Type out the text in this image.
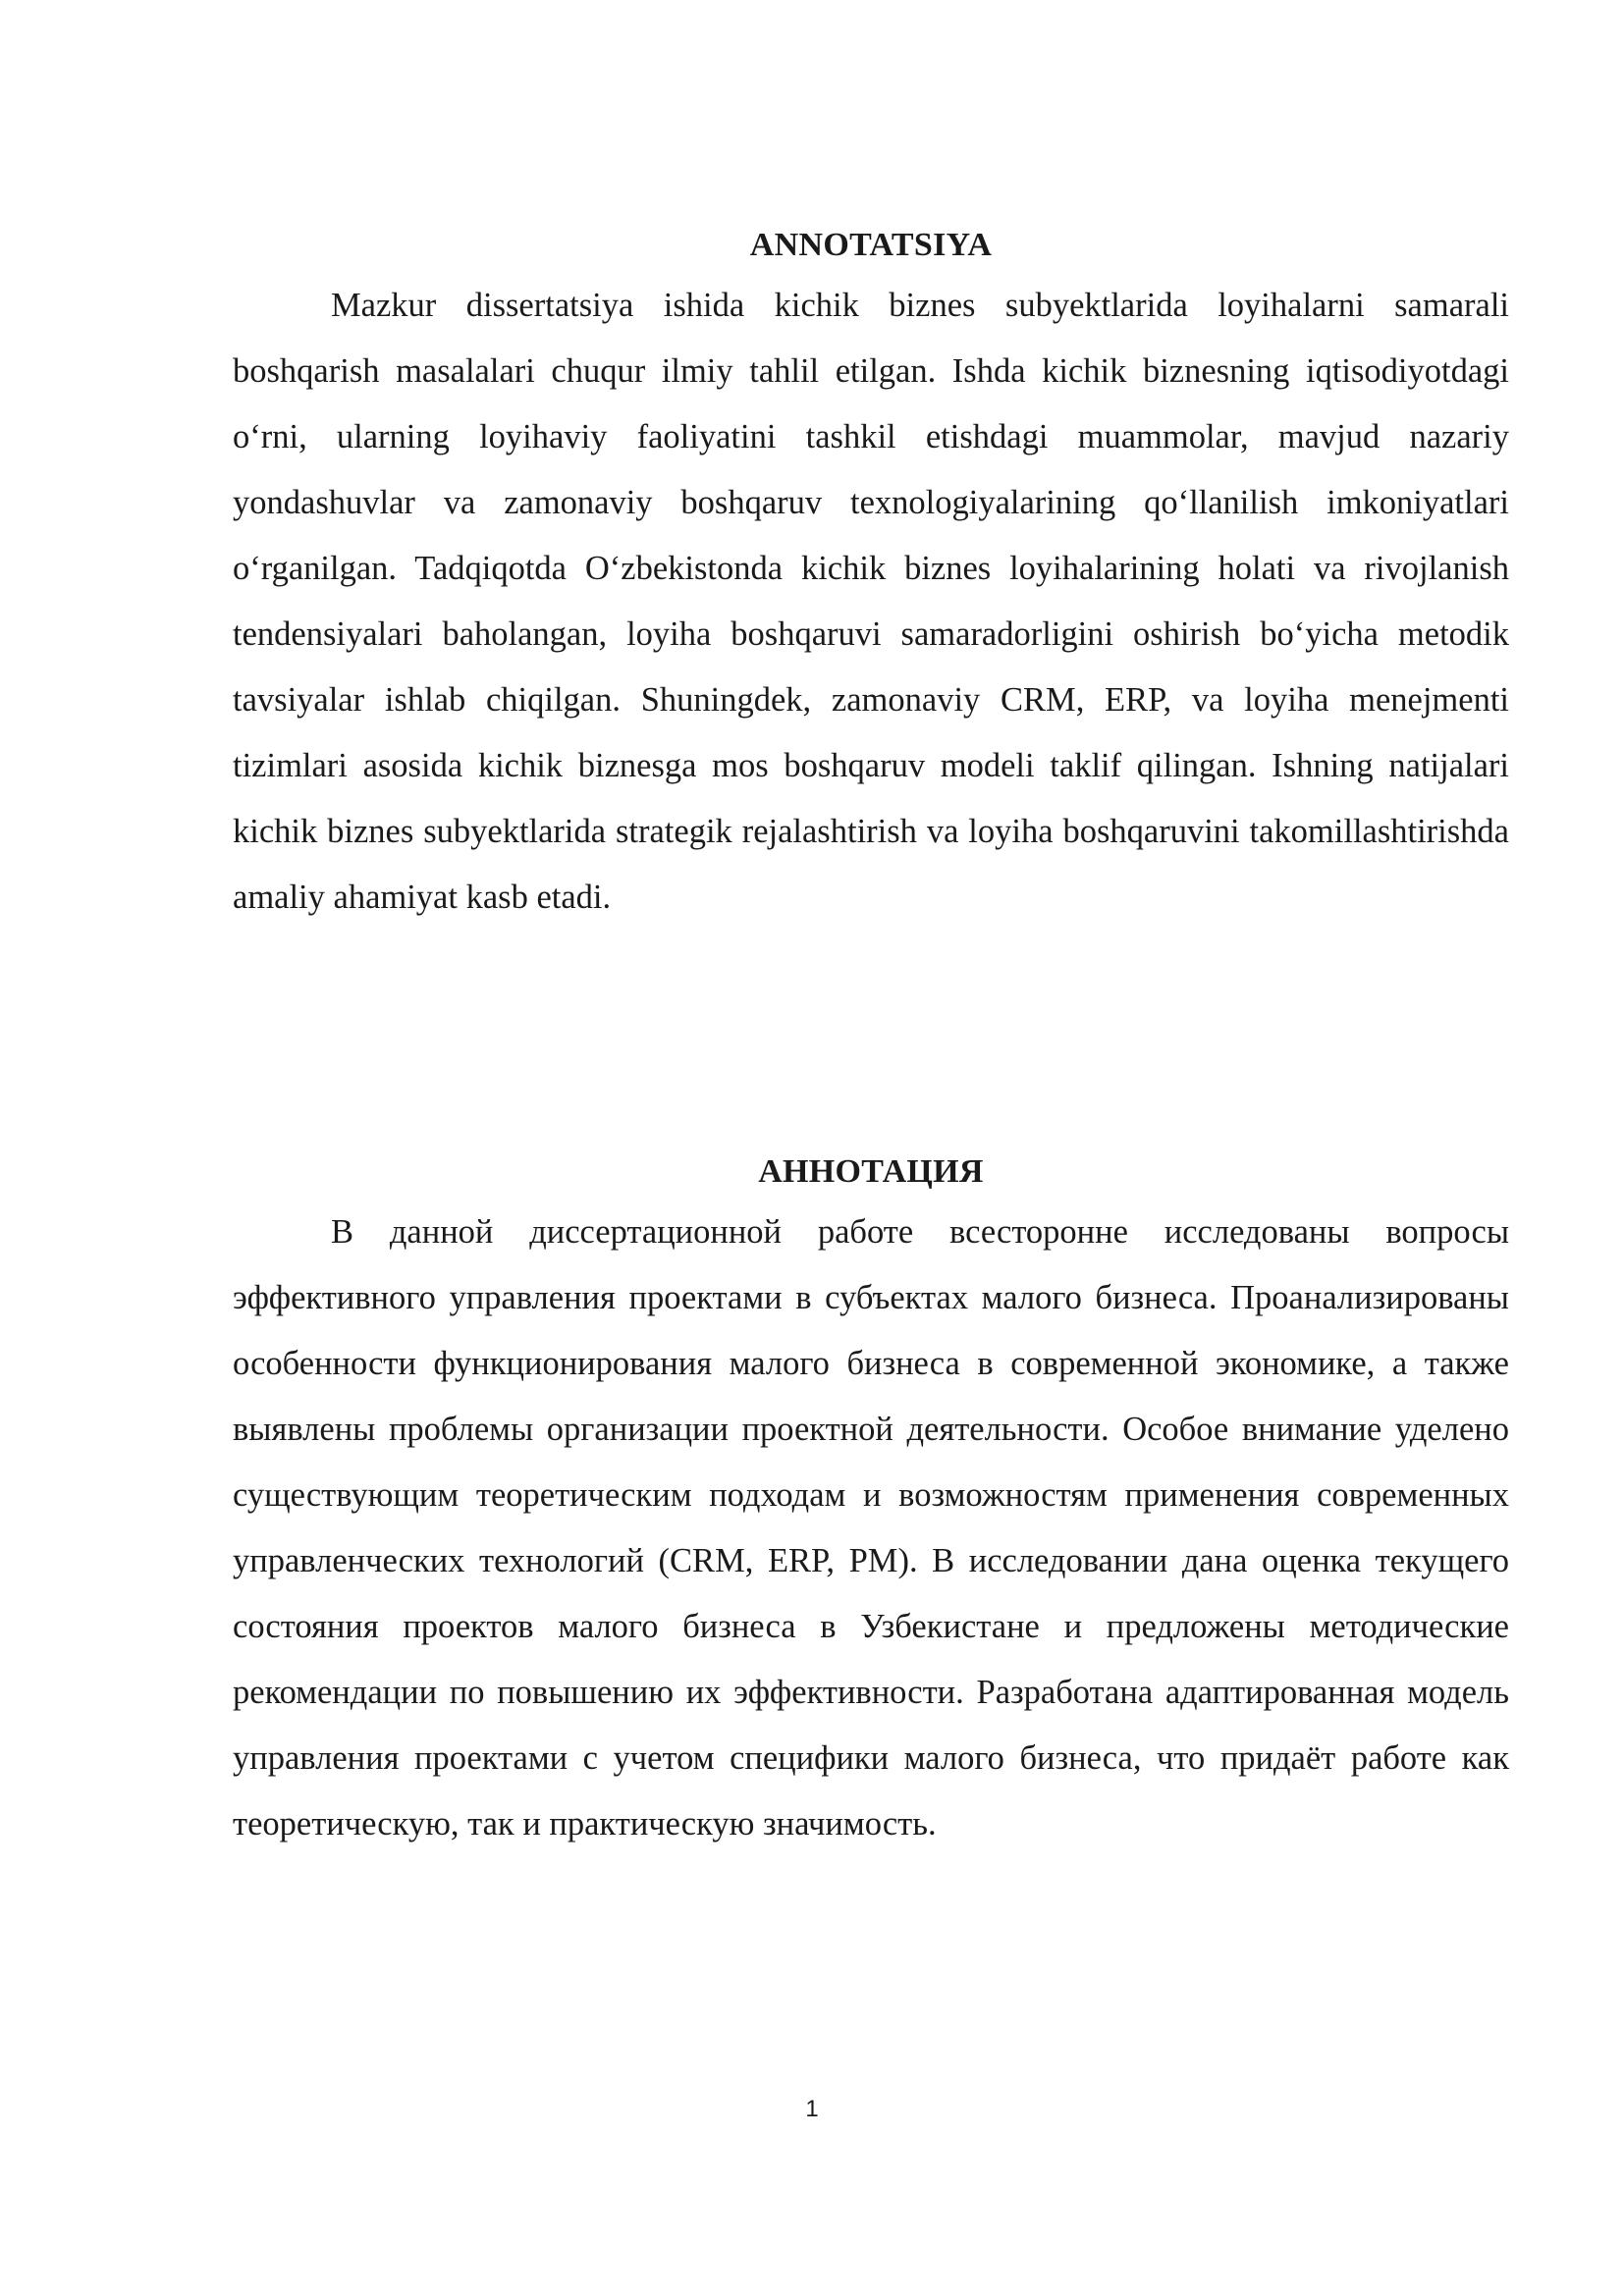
ANNOTATSIYA

Mazkur dissertatsiya ishida kichik biznes subyektlarida loyihalarni samarali boshqarish masalalari chuqur ilmiy tahlil etilgan. Ishda kichik biznesning iqtisodiyotdagi o‘rni, ularning loyihaviy faoliyatini tashkil etishdagi muammolar, mavjud nazariy yondashuvlar va zamonaviy boshqaruv texnologiyalarining qo‘llanilish imkoniyatlari o‘rganilgan. Tadqiqotda O‘zbekistonda kichik biznes loyihalarining holati va rivojlanish tendensiyalari baholangan, loyiha boshqaruvi samaradorligini oshirish bo‘yicha metodik tavsiyalar ishlab chiqilgan. Shuningdek, zamonaviy CRM, ERP, va loyiha menejmenti tizimlari asosida kichik biznesga mos boshqaruv modeli taklif qilingan. Ishning natijalari kichik biznes subyektlarida strategik rejalashtirish va loyiha boshqaruvini takomillashtirishda amaliy ahamiyat kasb etadi.

АННОТАЦИЯ

В данной диссертационной работе всесторонне исследованы вопросы эффективного управления проектами в субъектах малого бизнеса. Проанализированы особенности функционирования малого бизнеса в современной экономике, а также выявлены проблемы организации проектной деятельности. Особое внимание уделено существующим теоретическим подходам и возможностям применения современных управленческих технологий (CRM, ERP, PM). В исследовании дана оценка текущего состояния проектов малого бизнеса в Узбекистане и предложены методические рекомендации по повышению их эффективности. Разработана адаптированная модель управления проектами с учетом специфики малого бизнеса, что придаёт работе как теоретическую, так и практическую значимость.

1
